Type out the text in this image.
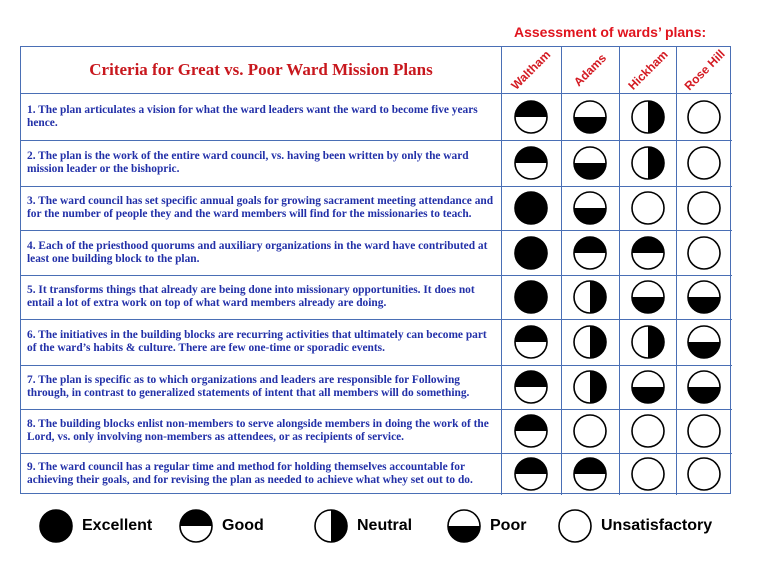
Assessment of wards’ plans:
Criteria for Great vs. Poor Ward Mission Plans	Waltham Adams Hickham Rose Hill
1. The plan articulates a vision for what the ward leaders want the ward to become five years hence.
2. The plan is the work of the entire ward council, vs. having been written by only the ward mission leader or the bishopric.
3. The ward council has set specific annual goals for growing sacrament meeting attendance and for the number of people they and the ward members will find for the missionaries to teach.
4. Each of the priesthood quorums and auxiliary organizations in the ward have contributed at least one building block to the plan.
5. It transforms things that already are being done into missionary opportunities. It does not entail a lot of extra work on top of what ward members already are doing.
6. The initiatives in the building blocks are recurring activities that ultimately can become part of the ward’s habits & culture. There are few one-time or sporadic events.
7. The plan is specific as to which organizations and leaders are responsible for Following through, in contrast to generalized statements of intent that all members will do something.
8. The building blocks enlist non-members to serve alongside members in doing the work of the Lord, vs. only involving non-members as attendees, or as recipients of service.
9. The ward council has a regular time and method for holding themselves accountable for achieving their goals, and for revising the plan as needed to achieve what whey set out to do.
Excellent	Good	Neutral	Poor	Unsatisfactory
